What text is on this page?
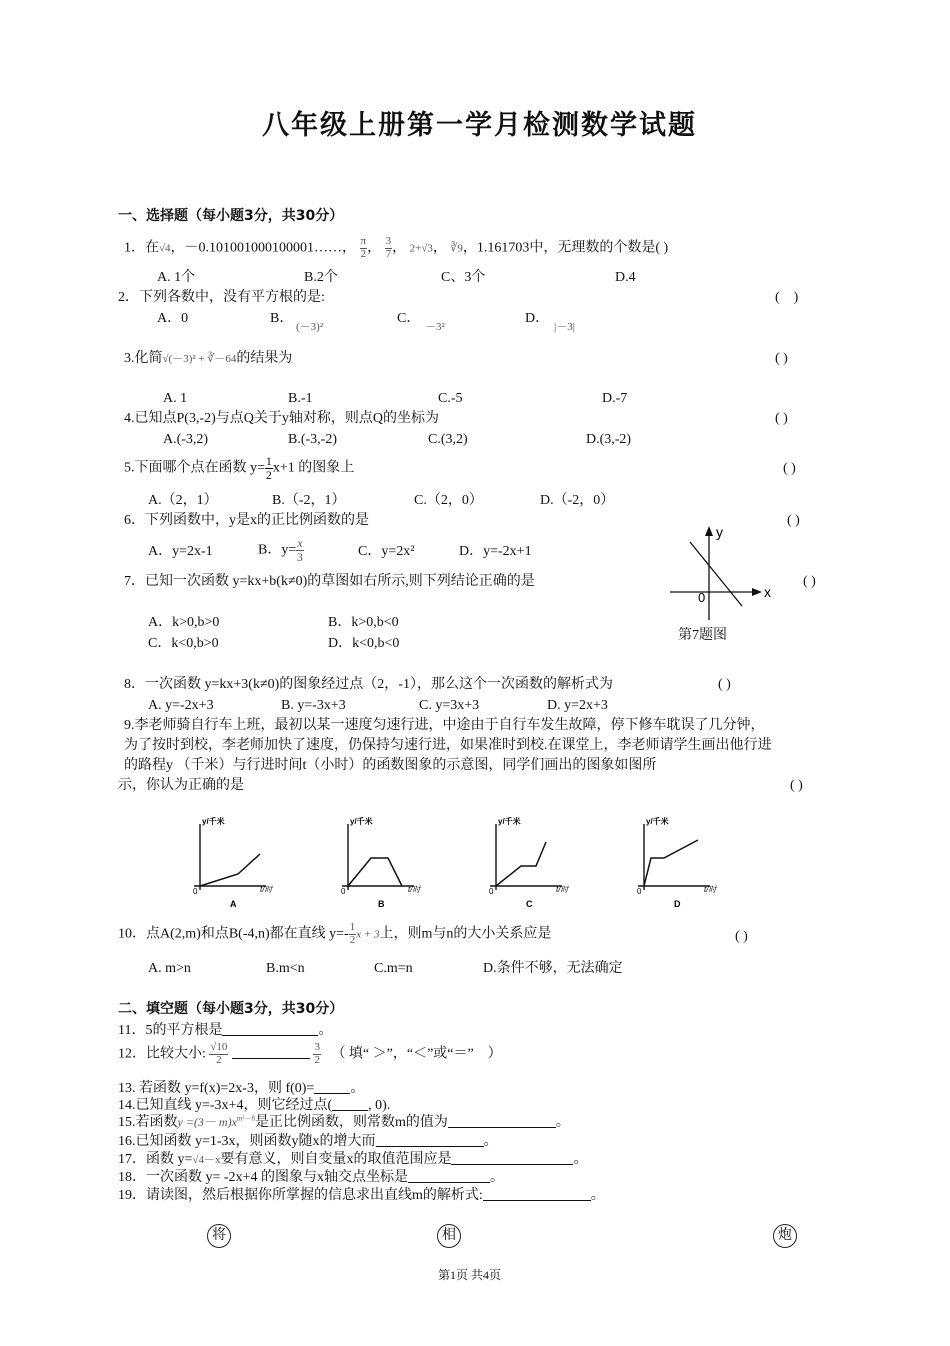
八年级上册第一学月检测数学试题
一、选择题（每小题3分，共30分）
1．在√4，－0.101001000100001……， $\frac{\pi}{2}$ ， $\frac{3}{7}$ ， 2+√3， ∛9，1.161703中，无理数的个数是( )
A. 1个	B.2个	C、3个	D.4
2．下列各数中，没有平方根的是:	(　)
A．0	B．
(－3)²
C．
－3²
D．
|－3|
3.化简√(－3)² + ∛－64的结果为	( )
A. 1	B.-1	C.-5	D.-7
4.已知点P(3,-2)与点Q关于y轴对称，则点Q的坐标为	( )
A.(-3,2)	B.(-3,-2)	C.(3,2)	D.(3,-2)
5.下面哪个点在函数 $y= \frac{1}{2} x+1$ 的图象上	( )
A.（2，1）	B.（-2，1）	C.（2，0）	D.（-2，0）
6．下列函数中，y是x的正比例函数的是	( )
A．y=2x-1	B．$y= \frac{x}{3}$	C．y=2x²	D．y=-2x+1
7．已知一次函数 y=kx+b(k≠0)的草图如右所示,则下列结论正确的是	( )
A．k>0,b>0	B．k>0,b<0
C．k<0,b>0	D．k<0,b<0
y
x
0
第7题图
8．一次函数 y=kx+3(k≠0)的图象经过点（2，-1），那么这个一次函数的解析式为	( )
A. y=-2x+3	B. y=-3x+3	C. y=3x+3	D. y=2x+3
9.李老师骑自行车上班，最初以某一速度匀速行进，中途由于自行车发生故障，停下修车耽误了几分钟，
为了按时到校，李老师加快了速度，仍保持匀速行进，如果准时到校.在课堂上，李老师请学生画出他行进
的路程y （千米）与行进时间t（小时）的函数图象的示意图，同学们画出的图象如图所
示，你认为正确的是	( )
y/千米
t/时
0
A
y/千米
t/时
0
B
y/千米
t/时
0
C
y/千米
t/时
0
D
10．点A(2,m)和点B(-4,n)都在直线 $y=- \frac{1}{2}$ x + 3上，则m与n的大小关系应是	( )
A. m>n	B.m<n	C.m=n	D.条件不够，无法确定
二、填空题（每小题3分，共30分）
11．5的平方根是	。
12．比较大小: $\frac{√10}{2}$
	$\frac{3}{2}$ （ 填“ ＞”，“＜”或“＝”　）
13. 若函数 y=f(x)=2x-3，则 f(0)=	。
14.已知直线 y=-3x+4，则它经过点(	, 0).
15.若函数$y =(3- m)x^{m^2-8}$是正比例函数，则常数m的值为	。
16.已知函数 y=1-3x，则函数y随x的增大而	。
17．函数 y=√4－x要有意义，则自变量x的取值范围应是	。
18．一次函数 y= -2x+4 的图象与x轴交点坐标是	。
19．请读图，然后根据你所掌握的信息求出直线m的解析式:	。
将	相	炮
第1页 共4页
